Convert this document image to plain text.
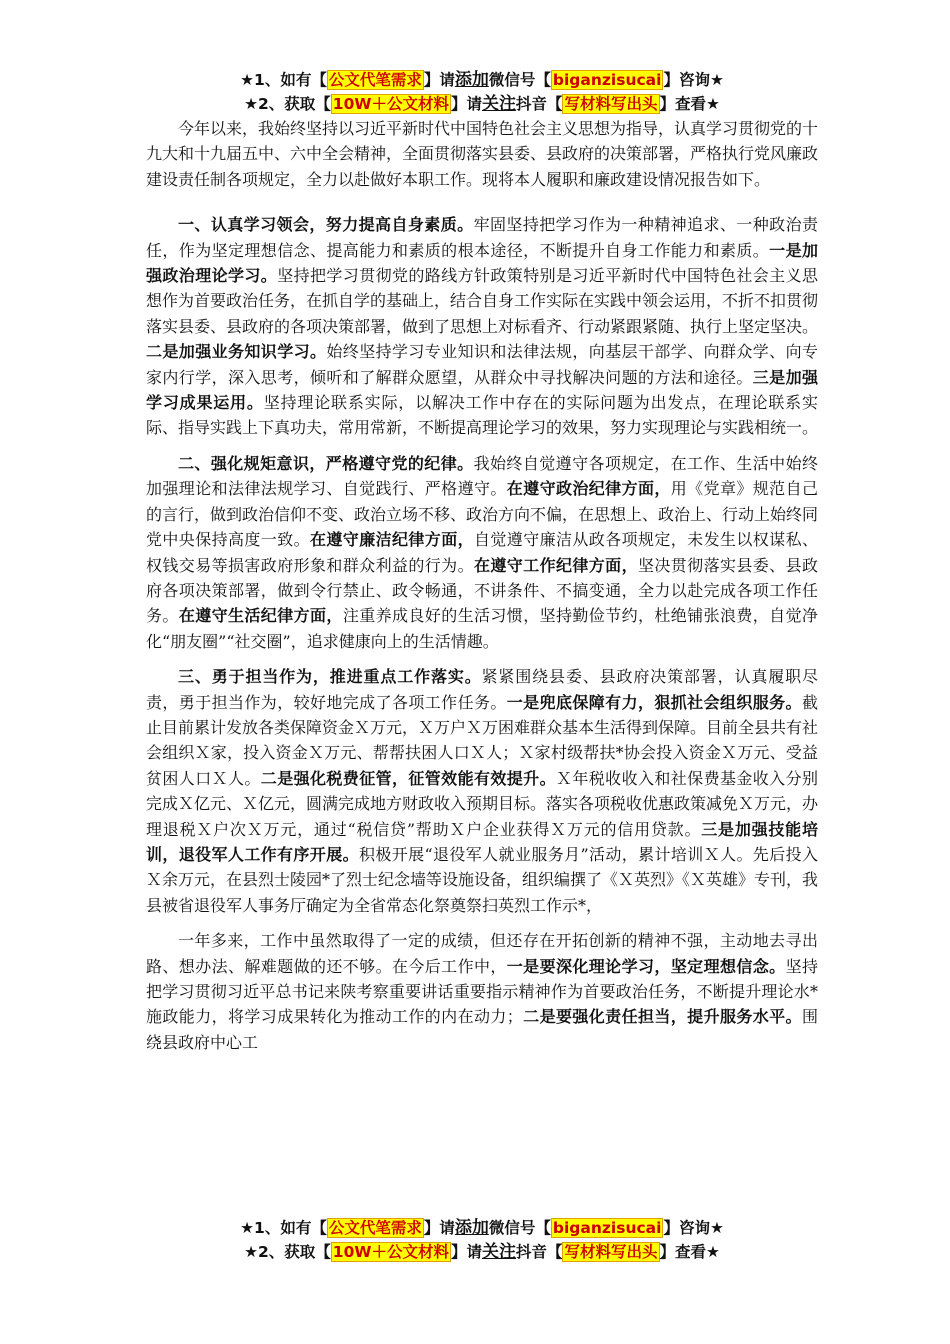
★1、如有【 公文代笔需求 】请添加微信号【 biganzisucai 】咨询★
★2、获取【 10W＋公文材料 】请关注抖音【 写材料写出头 】查看★

今年以来，我始终坚持以习近平新时代中国特色社会主义思想为指导，认真学习贯彻党的十九大和十九届五中、六中全会精神，全面贯彻落实县委、县政府的决策部署，严格执行党风廉政建设责任制各项规定，全力以赴做好本职工作。现将本人履职和廉政建设情况报告如下。

一、认真学习领会，努力提高自身素质。牢固坚持把学习作为一种精神追求、一种政治责任，作为坚定理想信念、提高能力和素质的根本途径，不断提升自身工作能力和素质。一是加强政治理论学习。坚持把学习贯彻党的路线方针政策特别是习近平新时代中国特色社会主义思想作为首要政治任务，在抓自学的基础上，结合自身工作实际在实践中领会运用，不折不扣贯彻落实县委、县政府的各项决策部署，做到了思想上对标看齐、行动紧跟紧随、执行上坚定坚决。二是加强业务知识学习。始终坚持学习专业知识和法律法规，向基层干部学、向群众学、向专家内行学，深入思考，倾听和了解群众愿望，从群众中寻找解决问题的方法和途径。三是加强学习成果运用。坚持理论联系实际，以解决工作中存在的实际问题为出发点，在理论联系实际、指导实践上下真功夫，常用常新，不断提高理论学习的效果，努力实现理论与实践相统一。

二、强化规矩意识，严格遵守党的纪律。我始终自觉遵守各项规定，在工作、生活中始终加强理论和法律法规学习、自觉践行、严格遵守。在遵守政治纪律方面，用《党章》规范自己的言行，做到政治信仰不变、政治立场不移、政治方向不偏，在思想上、政治上、行动上始终同党中央保持高度一致。在遵守廉洁纪律方面，自觉遵守廉洁从政各项规定，未发生以权谋私、权钱交易等损害政府形象和群众利益的行为。在遵守工作纪律方面，坚决贯彻落实县委、县政府各项决策部署，做到令行禁止、政令畅通，不讲条件、不搞变通，全力以赴完成各项工作任务。在遵守生活纪律方面，注重养成良好的生活习惯，坚持勤俭节约，杜绝铺张浪费，自觉净化“朋友圈”“社交圈”，追求健康向上的生活情趣。

三、勇于担当作为，推进重点工作落实。紧紧围绕县委、县政府决策部署，认真履职尽责，勇于担当作为，较好地完成了各项工作任务。一是兜底保障有力，狠抓社会组织服务。截止目前累计发放各类保障资金Ｘ万元，Ｘ万户Ｘ万困难群众基本生活得到保障。目前全县共有社会组织Ｘ家，投入资金Ｘ万元、帮帮扶困人口Ｘ人；Ｘ家村级帮扶*协会投入资金Ｘ万元、受益贫困人口Ｘ人。二是强化税费征管，征管效能有效提升。Ｘ年税收收入和社保费基金收入分别完成Ｘ亿元、Ｘ亿元，圆满完成地方财政收入预期目标。落实各项税收优惠政策减免Ｘ万元，办理退税Ｘ户次Ｘ万元，通过“税信贷”帮助Ｘ户企业获得Ｘ万元的信用贷款。三是加强技能培训，退役军人工作有序开展。积极开展“退役军人就业服务月”活动，累计培训Ｘ人。先后投入Ｘ余万元，在县烈士陵园*了烈士纪念墙等设施设备，组织编撰了《Ｘ英烈》《Ｘ英雄》专刊，我县被省退役军人事务厅确定为全省常态化祭奠祭扫英烈工作示*，

一年多来，工作中虽然取得了一定的成绩，但还存在开拓创新的精神不强，主动地去寻出路、想办法、解难题做的还不够。在今后工作中，一是要深化理论学习，坚定理想信念。坚持把学习贯彻习近平总书记来陕考察重要讲话重要指示精神作为首要政治任务，不断提升理论水*施政能力，将学习成果转化为推动工作的内在动力；二是要强化责任担当，提升服务水平。围绕县政府中心工

★1、如有【 公文代笔需求 】请添加微信号【 biganzisucai 】咨询★
★2、获取【 10W＋公文材料 】请关注抖音【 写材料写出头 】查看★
